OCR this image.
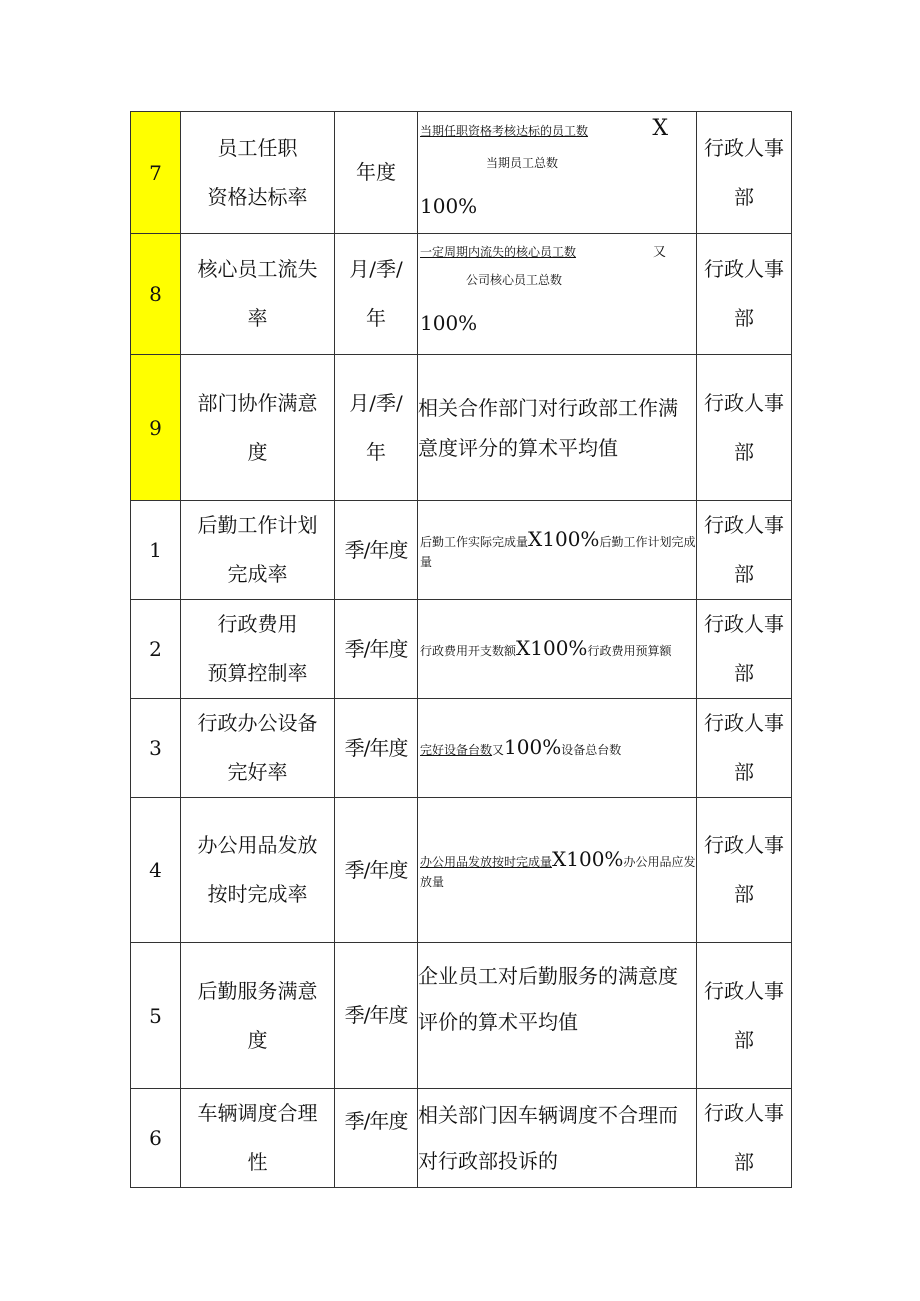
7	员工任职
资格达标率	年度	当期任职资格考核达标的员工数 X
当期员工总数
100%	行政人事
部
8	核心员工流失
率	月/季/
年	一定周期内流失的核心员工数 又
公司核心员工总数
100%	行政人事
部
9	部门协作满意
度	月/季/
年	相关合作部门对行政部工作满意度评分的算术平均值	行政人事
部
1	后勤工作计划
完成率	季/年度	后勤工作实际完成量X100%后勤工作计划完成量	行政人事
部
2	行政费用
预算控制率	季/年度	行政费用开支数额X100%行政费用预算额	行政人事
部
3	行政办公设备
完好率	季/年度	完好设备台数又100%设备总台数	行政人事
部
4	办公用品发放
按时完成率	季/年度	办公用品发放按时完成量X100%办公用品应发放量	行政人事
部
5	后勤服务满意
度	季/年度	企业员工对后勤服务的满意度评价的算术平均值	行政人事
部
6	车辆调度合理
性	季/年度	相关部门因车辆调度不合理而对行政部投诉的	行政人事
部
